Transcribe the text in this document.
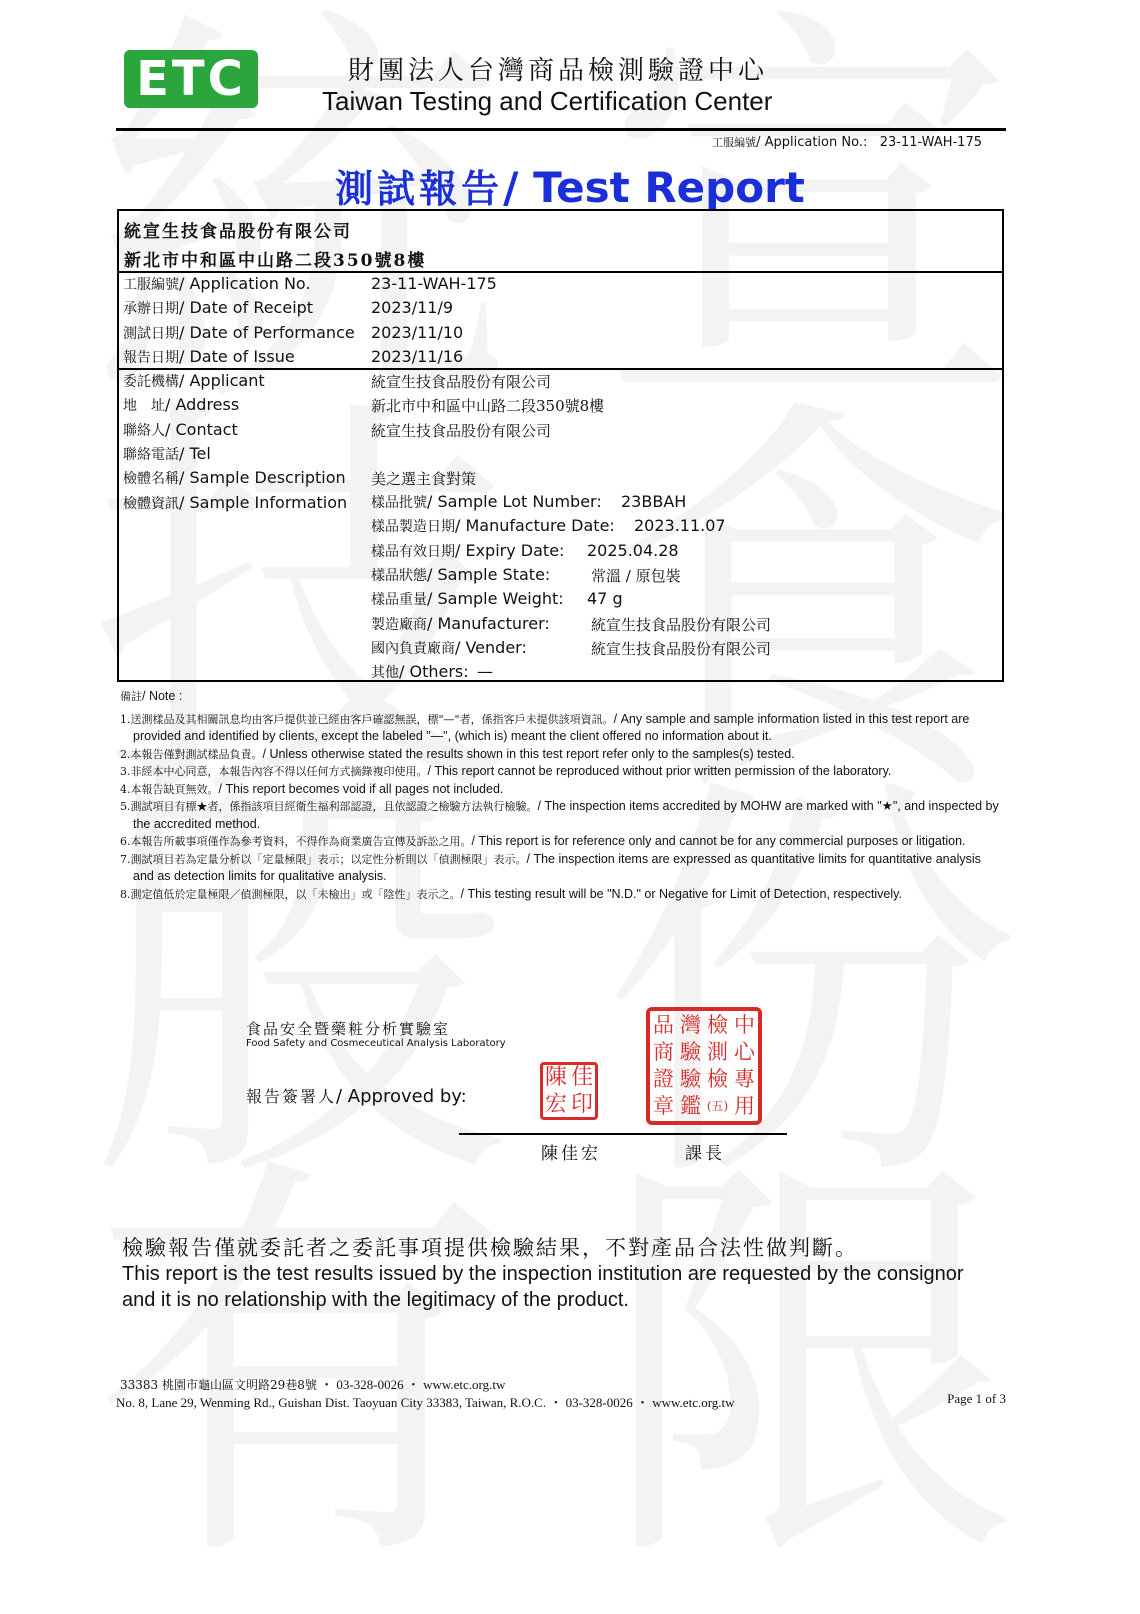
ETC	財團法人台灣商品檢測驗證中心
Taiwan Testing and Certification Center
工服編號/ Application No.: 23-11-WAH-175
測試報告/ Test Report
統宣生技食品股份有限公司
新北市中和區中山路二段350號8樓
工服編號/ Application No.	23-11-WAH-175
承辦日期/ Date of Receipt	2023/11/9
測試日期/ Date of Performance 2023/11/10
報告日期/ Date of Issue	2023/11/16
委託機構/ Applicant	統宣生技食品股份有限公司
地　址/ Address	新北市中和區中山路二段350號8樓
聯絡人/ Contact	統宣生技食品股份有限公司
聯絡電話/ Tel
檢體名稱/ Sample Description 美之選主食對策
檢體資訊/ Sample Information 樣品批號/ Sample Lot Number: 23BBAH
樣品製造日期/ Manufacture Date: 2023.11.07
樣品有效日期/ Expiry Date: 2025.04.28
樣品狀態/ Sample State:	常溫 / 原包裝
樣品重量/ Sample Weight: 47 g
製造廠商/ Manufacturer:	統宣生技食品股份有限公司
國內負責廠商/ Vender:	統宣生技食品股份有限公司
其他/ Others: —

備註/ Note :

1.送測樣品及其相關訊息均由客戶提供並已經由客戶確認無誤，標"—"者，係指客戶未提供該項資訊。/ Any sample and sample information listed in this test report are provided and identified by clients, except the labeled "—", (which is) meant the client offered no information about it.

2.本報告僅對測試樣品負責。/ Unless otherwise stated the results shown in this test report refer only to the samples(s) tested.

3.非經本中心同意，本報告內容不得以任何方式摘錄複印使用。/ This report cannot be reproduced without prior written permission of the laboratory.

4.本報告缺頁無效。/ This report becomes void if all pages not included.

5.測試項目有標★者，係指該項目經衛生福利部認證，且依認證之檢驗方法執行檢驗。/ The inspection items accredited by MOHW are marked with "★", and inspected by the accredited method.

6.本報告所載事項僅作為參考資料，不得作為商業廣告宣傳及訴訟之用。/ This report is for reference only and cannot be for any commercial purposes or litigation.

7.測試項目若為定量分析以「定量極限」表示；以定性分析則以「偵測極限」表示。/ The inspection items are expressed as quantitative limits for quantitative analysis and as detection limits for qualitative analysis.

8.測定值低於定量極限／偵測極限，以「未檢出」或「陰性」表示之。/ This testing result will be "N.D." or Negative for Limit of Detection, respectively.

食品安全暨藥粧分析實驗室
Food Safety and Cosmeceutical Analysis Laboratory
報告簽署人/ Approved by:
陳 佳
宏 印
品 灣 檢 中
商 驗 測 心
證 驗 檢 專
章 鑑 (五) 用
陳佳宏	課長
檢驗報告僅就委託者之委託事項提供檢驗結果，不對產品合法性做判斷。
This report is the test results issued by the inspection institution are requested by the consignor and it is no relationship with the legitimacy of the product.
33383 桃園市龜山區文明路29巷8號 ・ 03-328-0026 ・ www.etc.org.tw
No. 8, Lane 29, Wenming Rd., Guishan Dist. Taoyuan City 33383, Taiwan, R.O.C. ・ 03-328-0026 ・ www.etc.org.tw	Page 1 of 3
